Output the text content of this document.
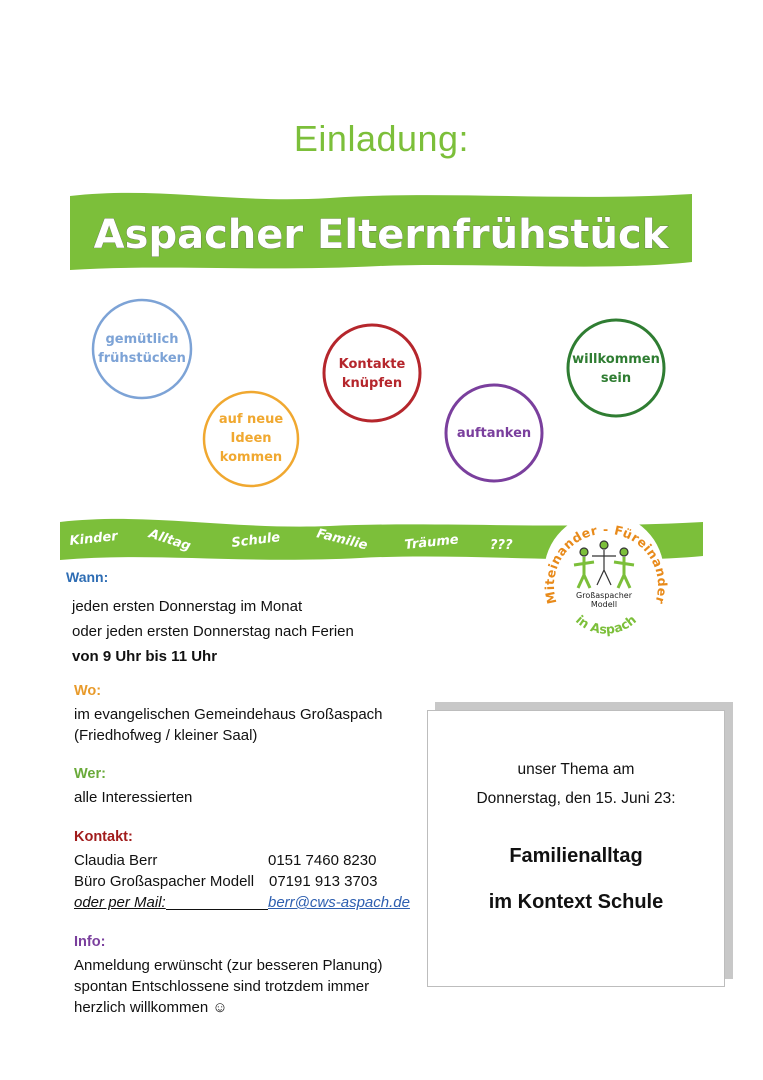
Einladung:
Aspacher Elternfrühstück
Kinder Alltag	Schule	Familie	Träume ???
Miteinander - Füreinander
in Aspach
Großaspacher
Modell
gemütlich
frühstücken
auf neue
Ideen
kommen
Kontakte
knüpfen
auftanken
willkommen
sein
Wann:
jeden ersten Donnerstag im Monat
oder jeden ersten Donnerstag nach Ferien
von 9 Uhr bis 11 Uhr
Wo:
im evangelischen Gemeindehaus Großaspach
(Friedhofweg / kleiner Saal)
Wer:
alle Interessierten
Kontakt:
Claudia Berr	0151 7460 8230
Büro Großaspacher Modell 07191 913 3703
oder per Mail:	berr@cws-aspach.de
Info:
Anmeldung erwünscht (zur besseren Planung)
spontan Entschlossene sind trotzdem immer
herzlich willkommen ☺
unser Thema am
Donnerstag, den 15. Juni 23:
Familienalltag
im Kontext Schule
